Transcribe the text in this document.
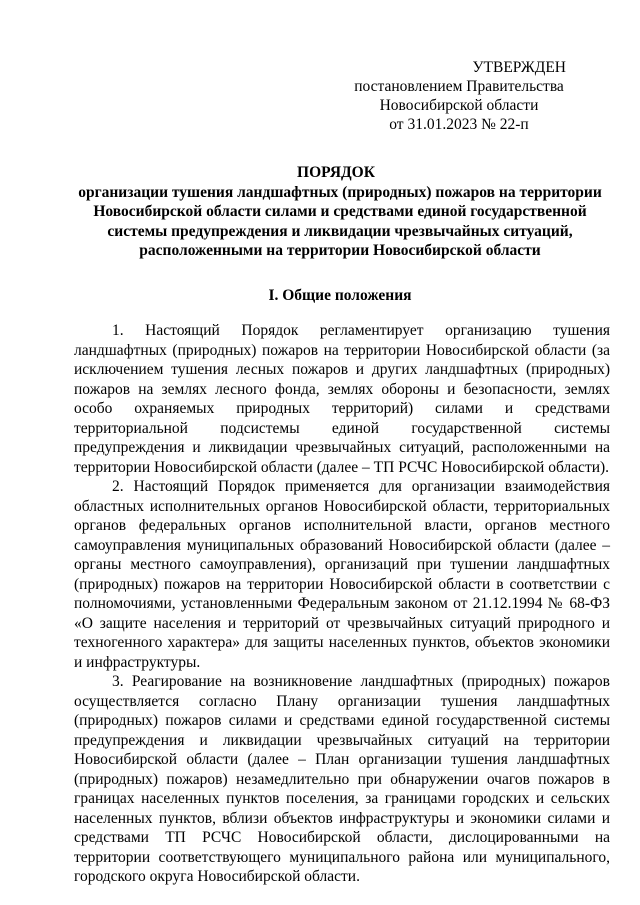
УТВЕРЖДЕН
постановлением Правительства
Новосибирской области
от 31.01.2023 № 22-п
ПОРЯДОК
организации тушения ландшафтных (природных) пожаров на территории Новосибирской области силами и средствами единой государственной системы предупреждения и ликвидации чрезвычайных ситуаций, расположенными на территории Новосибирской области
I. Общие положения

1. Настоящий Порядок регламентирует организацию тушения ландшафтных (природных) пожаров на территории Новосибирской области (за исключением тушения лесных пожаров и других ландшафтных (природных) пожаров на землях лесного фонда, землях обороны и безопасности, землях особо охраняемых природных территорий) силами и средствами территориальной подсистемы единой государственной системы предупреждения и ликвидации чрезвычайных ситуаций, расположенными на территории Новосибирской области (далее – ТП РСЧС Новосибирской области).

2. Настоящий Порядок применяется для организации взаимодействия областных исполнительных органов Новосибирской области, территориальных органов федеральных органов исполнительной власти, органов местного самоуправления муниципальных образований Новосибирской области (далее – органы местного самоуправления), организаций при тушении ландшафтных (природных) пожаров на территории Новосибирской области в соответствии с полномочиями, установленными Федеральным законом от 21.12.1994 № 68-ФЗ «О защите населения и территорий от чрезвычайных ситуаций природного и техногенного характера» для защиты населенных пунктов, объектов экономики и инфраструктуры.

3. Реагирование на возникновение ландшафтных (природных) пожаров осуществляется согласно Плану организации тушения ландшафтных (природных) пожаров силами и средствами единой государственной системы предупреждения и ликвидации чрезвычайных ситуаций на территории Новосибирской области (далее – План организации тушения ландшафтных (природных) пожаров) незамедлительно при обнаружении очагов пожаров в границах населенных пунктов поселения, за границами городских и сельских населенных пунктов, вблизи объектов инфраструктуры и экономики силами и средствами ТП РСЧС Новосибирской области, дислоцированными на территории соответствующего муниципального района или муниципального, городского округа Новосибирской области.
